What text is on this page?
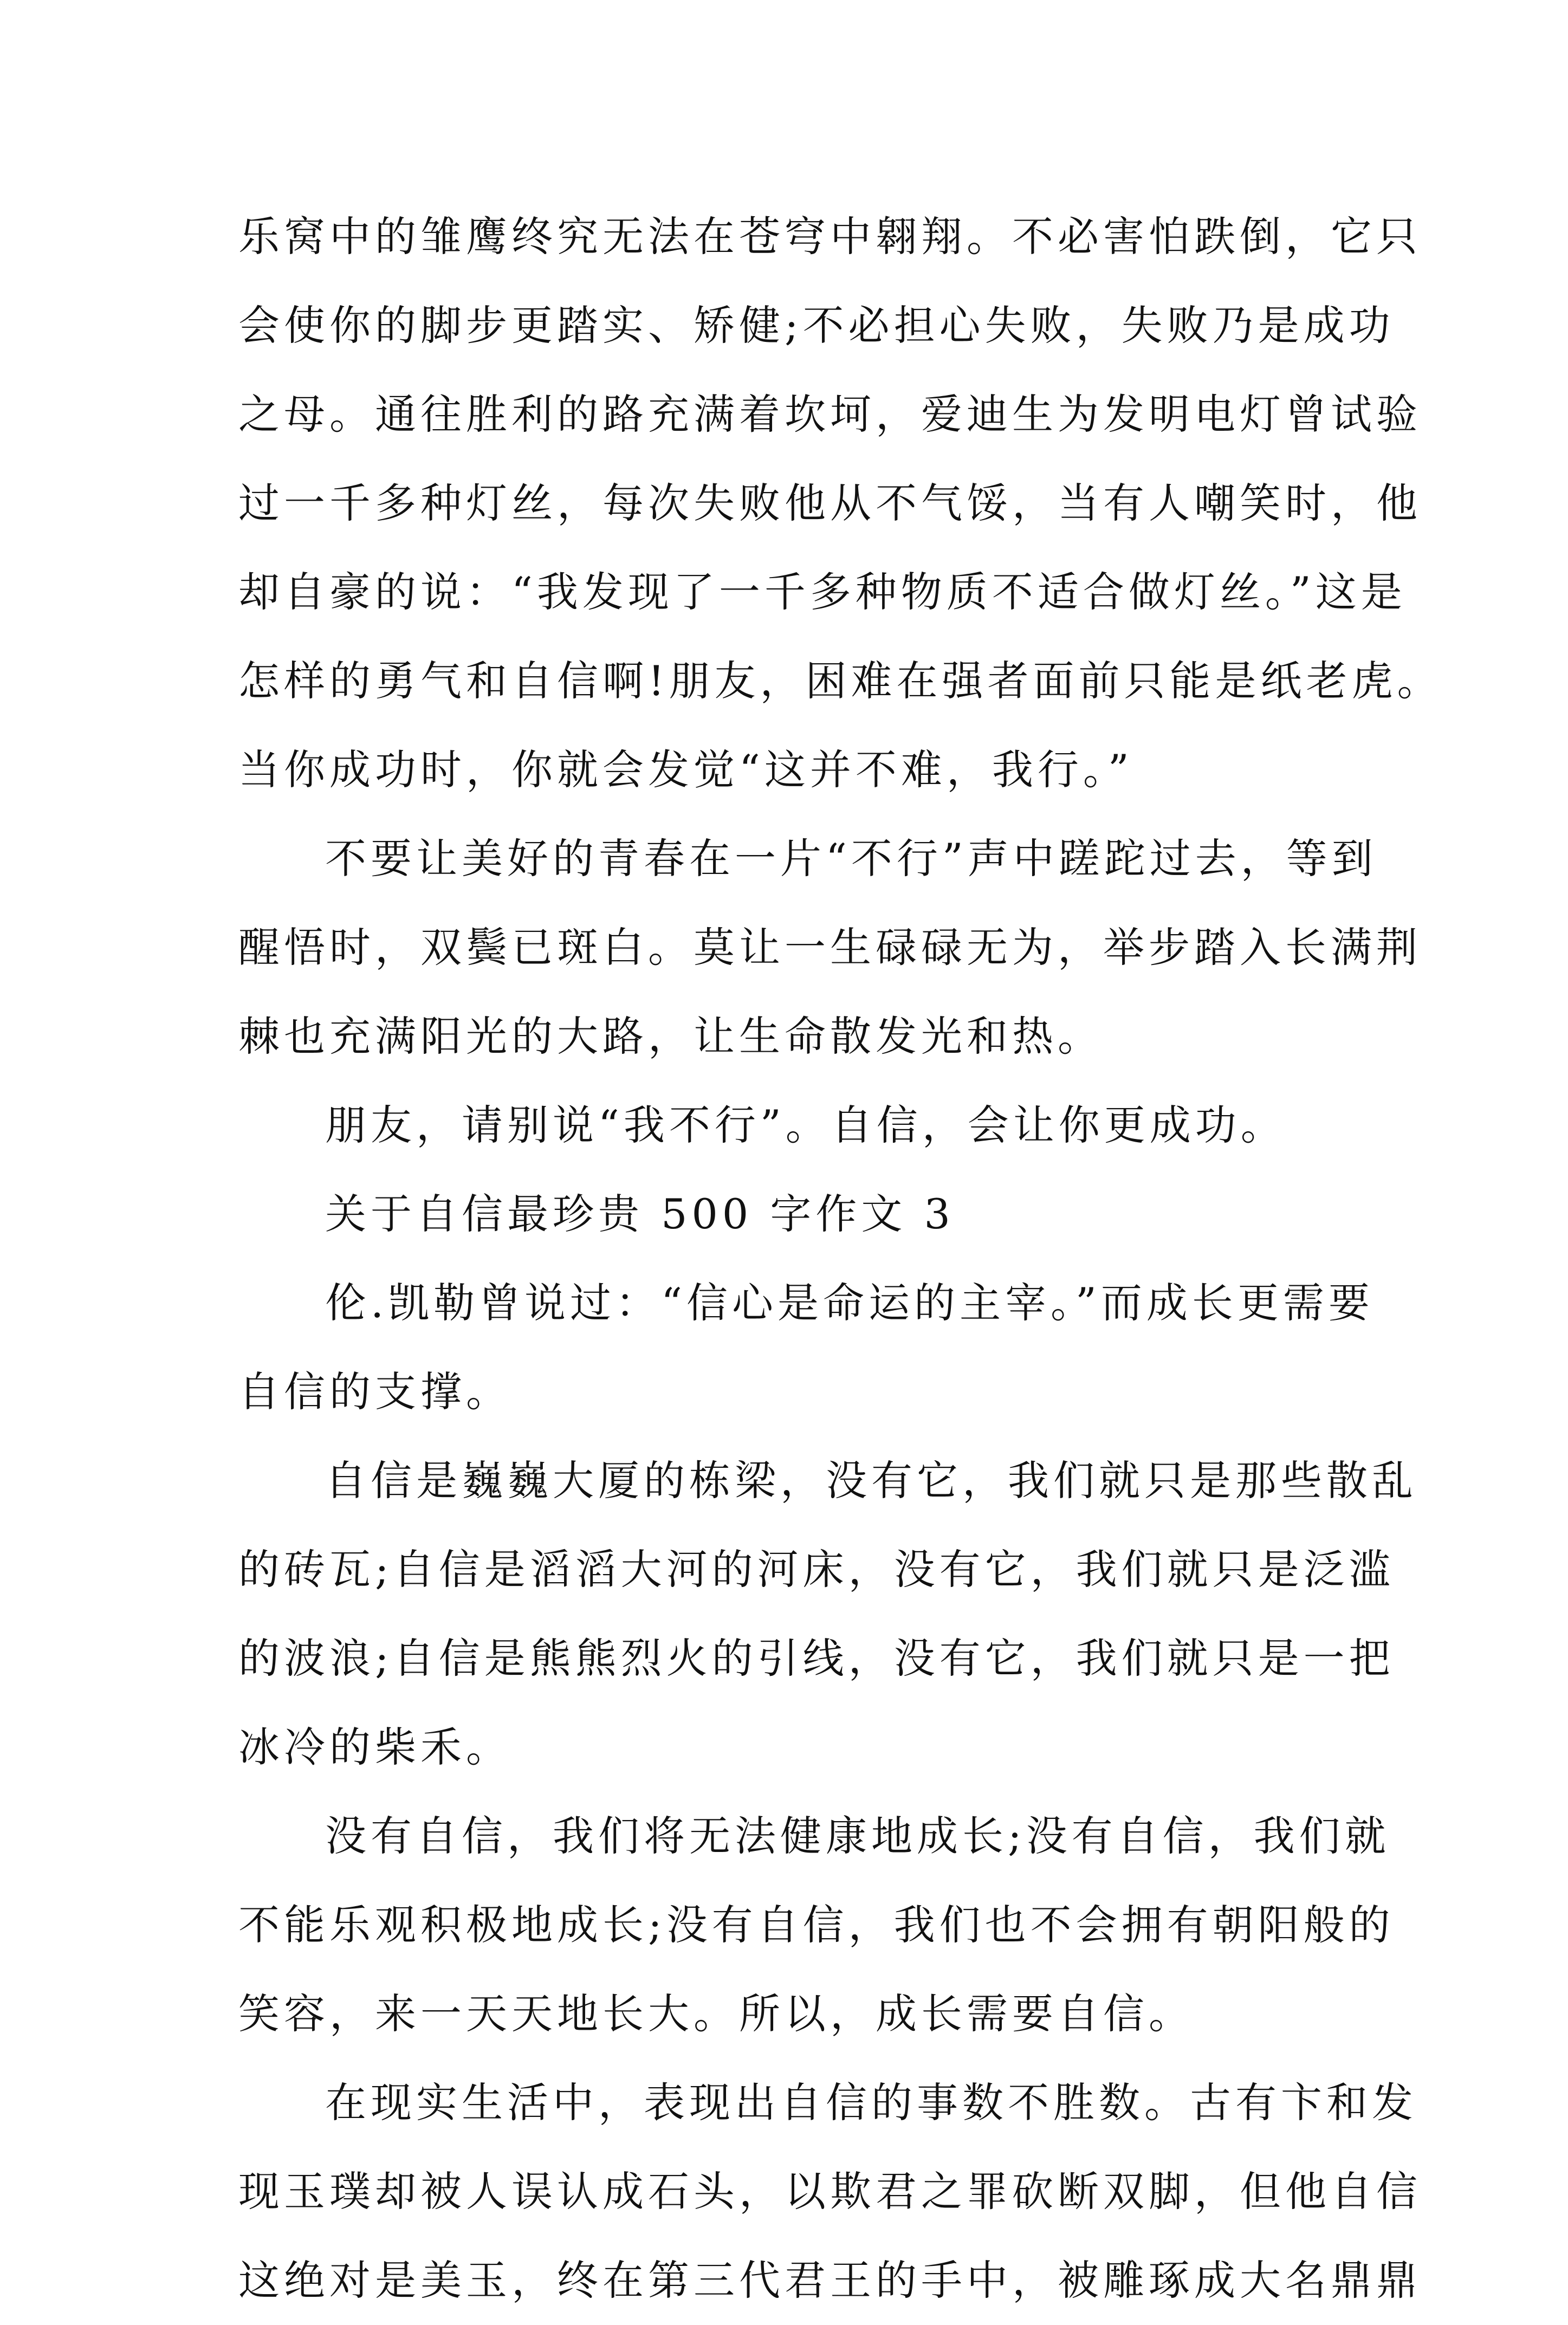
乐窝中的雏鹰终究无法在苍穹中翱翔。不必害怕跌倒，它只
会使你的脚步更踏实、矫健;不必担心失败，失败乃是成功
之母。通往胜利的路充满着坎坷，爱迪生为发明电灯曾试验
过一千多种灯丝，每次失败他从不气馁，当有人嘲笑时，他
却自豪的说：“我发现了一千多种物质不适合做灯丝。”这是
怎样的勇气和自信啊!朋友，困难在强者面前只能是纸老虎。
当你成功时，你就会发觉“这并不难，我行。”
不要让美好的青春在一片“不行”声中蹉跎过去，等到
醒悟时，双鬓已斑白。莫让一生碌碌无为，举步踏入长满荆
棘也充满阳光的大路，让生命散发光和热。
朋友，请别说“我不行”。自信，会让你更成功。
关于自信最珍贵 500 字作文 3
伦.凯勒曾说过：“信心是命运的主宰。”而成长更需要
自信的支撑。
自信是巍巍大厦的栋梁，没有它，我们就只是那些散乱
的砖瓦;自信是滔滔大河的河床，没有它，我们就只是泛滥
的波浪;自信是熊熊烈火的引线，没有它，我们就只是一把
冰冷的柴禾。
没有自信，我们将无法健康地成长;没有自信，我们就
不能乐观积极地成长;没有自信，我们也不会拥有朝阳般的
笑容，来一天天地长大。所以，成长需要自信。
在现实生活中，表现出自信的事数不胜数。古有卞和发
现玉璞却被人误认成石头，以欺君之罪砍断双脚，但他自信
这绝对是美玉，终在第三代君王的手中，被雕琢成大名鼎鼎
